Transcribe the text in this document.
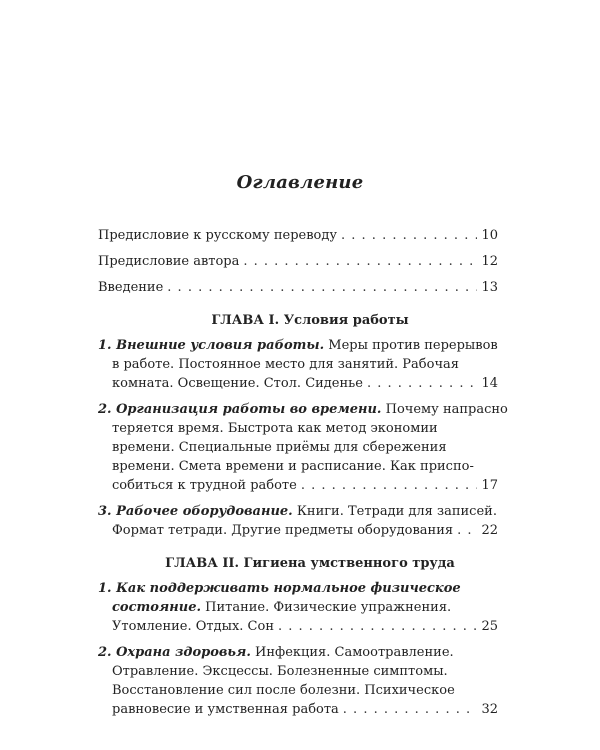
Оглавление
Предисловие к русскому переводу . . .	10
Предисловие автора . . .	12
Введение . . .	13
ГЛАВА I. Условия работы
1. Внешние условия работы. Меры против перерывов
в работе. Постоянное место для занятий. Рабочая
комната. Освещение. Стол. Сиденье . . .	14
2. Организация работы во времени. Почему напрасно
теряется время. Быстрота как метод экономии
времени. Специальные приёмы для сбережения
времени. Смета времени и расписание. Как приспо-
собиться к трудной работе . . .	17
3. Рабочее оборудование. Книги. Тетради для записей.
Формат тетради. Другие предметы оборудования . . . 22
ГЛАВА II. Гигиена умственного труда
1. Как поддерживать нормальное физическое
состояние. Питание. Физические упражнения.
Утомление. Отдых. Сон . . .	25
2. Охрана здоровья. Инфекция. Самоотравление.
Отравление. Эксцессы. Болезненные симптомы.
Восстановление сил после болезни. Психическое
равновесие и умственная работа . . .	32
